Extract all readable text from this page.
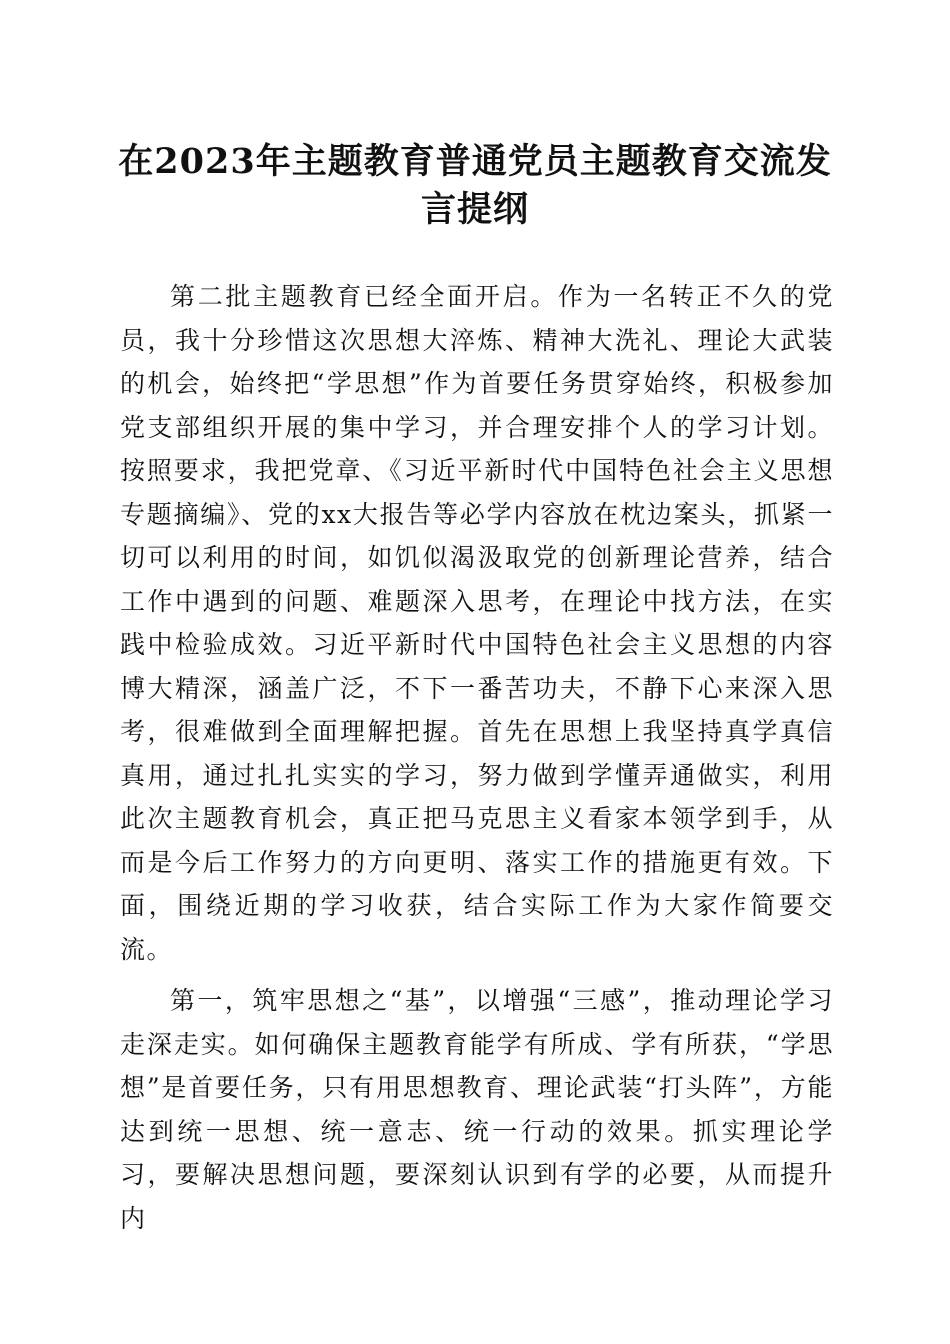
在2023年主题教育普通党员主题教育交流发言提纲

第二批主题教育已经全面开启。作为一名转正不久的党员，我十分珍惜这次思想大淬炼、精神大洗礼、理论大武装的机会，始终把“学思想”作为首要任务贯穿始终，积极参加党支部组织开展的集中学习，并合理安排个人的学习计划。按照要求，我把党章、《习近平新时代中国特色社会主义思想专题摘编》、党的xx大报告等必学内容放在枕边案头，抓紧一切可以利用的时间，如饥似渴汲取党的创新理论营养，结合工作中遇到的问题、难题深入思考，在理论中找方法，在实践中检验成效。习近平新时代中国特色社会主义思想的内容博大精深，涵盖广泛，不下一番苦功夫，不静下心来深入思考，很难做到全面理解把握。首先在思想上我坚持真学真信真用，通过扎扎实实的学习，努力做到学懂弄通做实，利用此次主题教育机会，真正把马克思主义看家本领学到手，从而是今后工作努力的方向更明、落实工作的措施更有效。下面，围绕近期的学习收获，结合实际工作为大家作简要交流。

第一，筑牢思想之“基”，以增强“三感”，推动理论学习走深走实。如何确保主题教育能学有所成、学有所获，“学思想”是首要任务，只有用思想教育、理论武装“打头阵”，方能达到统一思想、统一意志、统一行动的效果。抓实理论学习，要解决思想问题，要深刻认识到有学的必要，从而提升内
